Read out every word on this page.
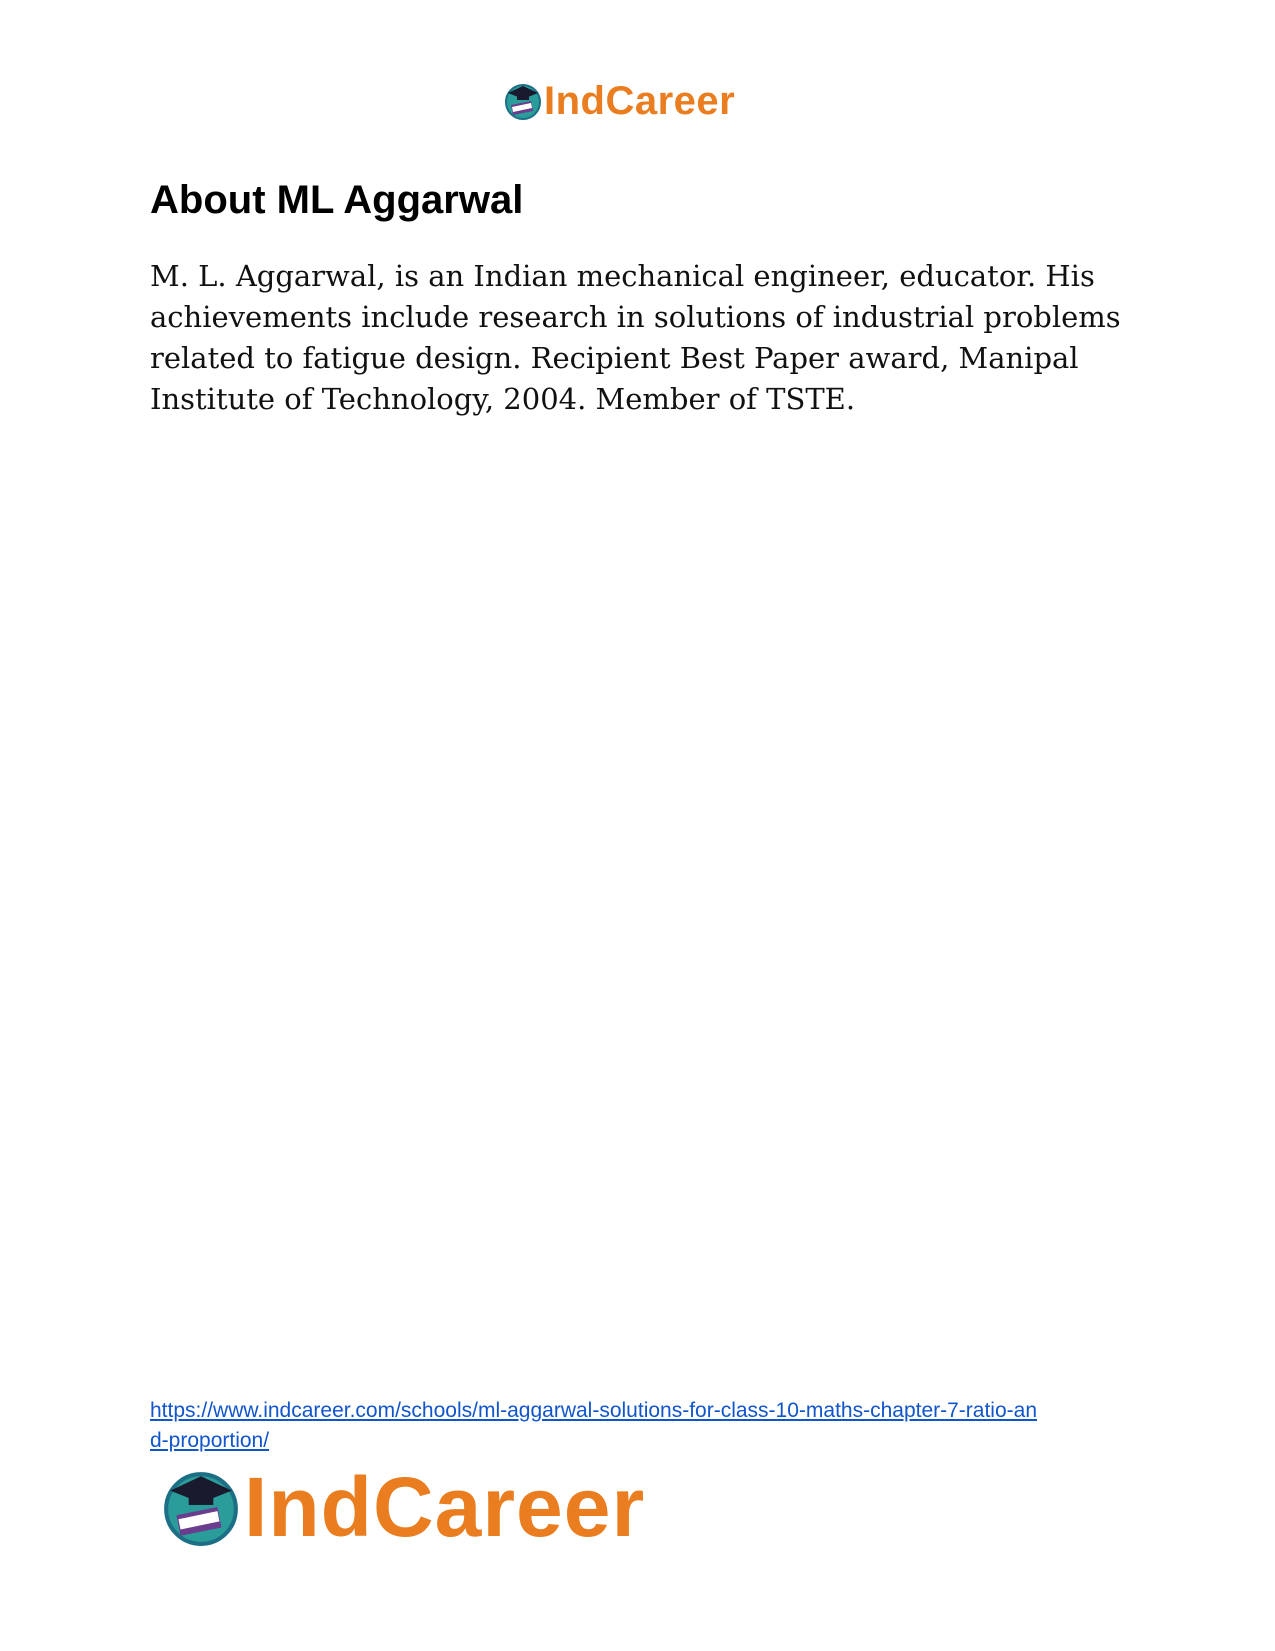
IndCareer
About ML Aggarwal

M. L. Aggarwal, is an Indian mechanical engineer, educator. His
achievements include research in solutions of industrial problems
related to fatigue design. Recipient Best Paper award, Manipal
Institute of Technology, 2004. Member of TSTE.

https://www.indcareer.com/schools/ml-aggarwal-solutions-for-class-10-maths-chapter-7-ratio-an
d-proportion/
IndCareer
